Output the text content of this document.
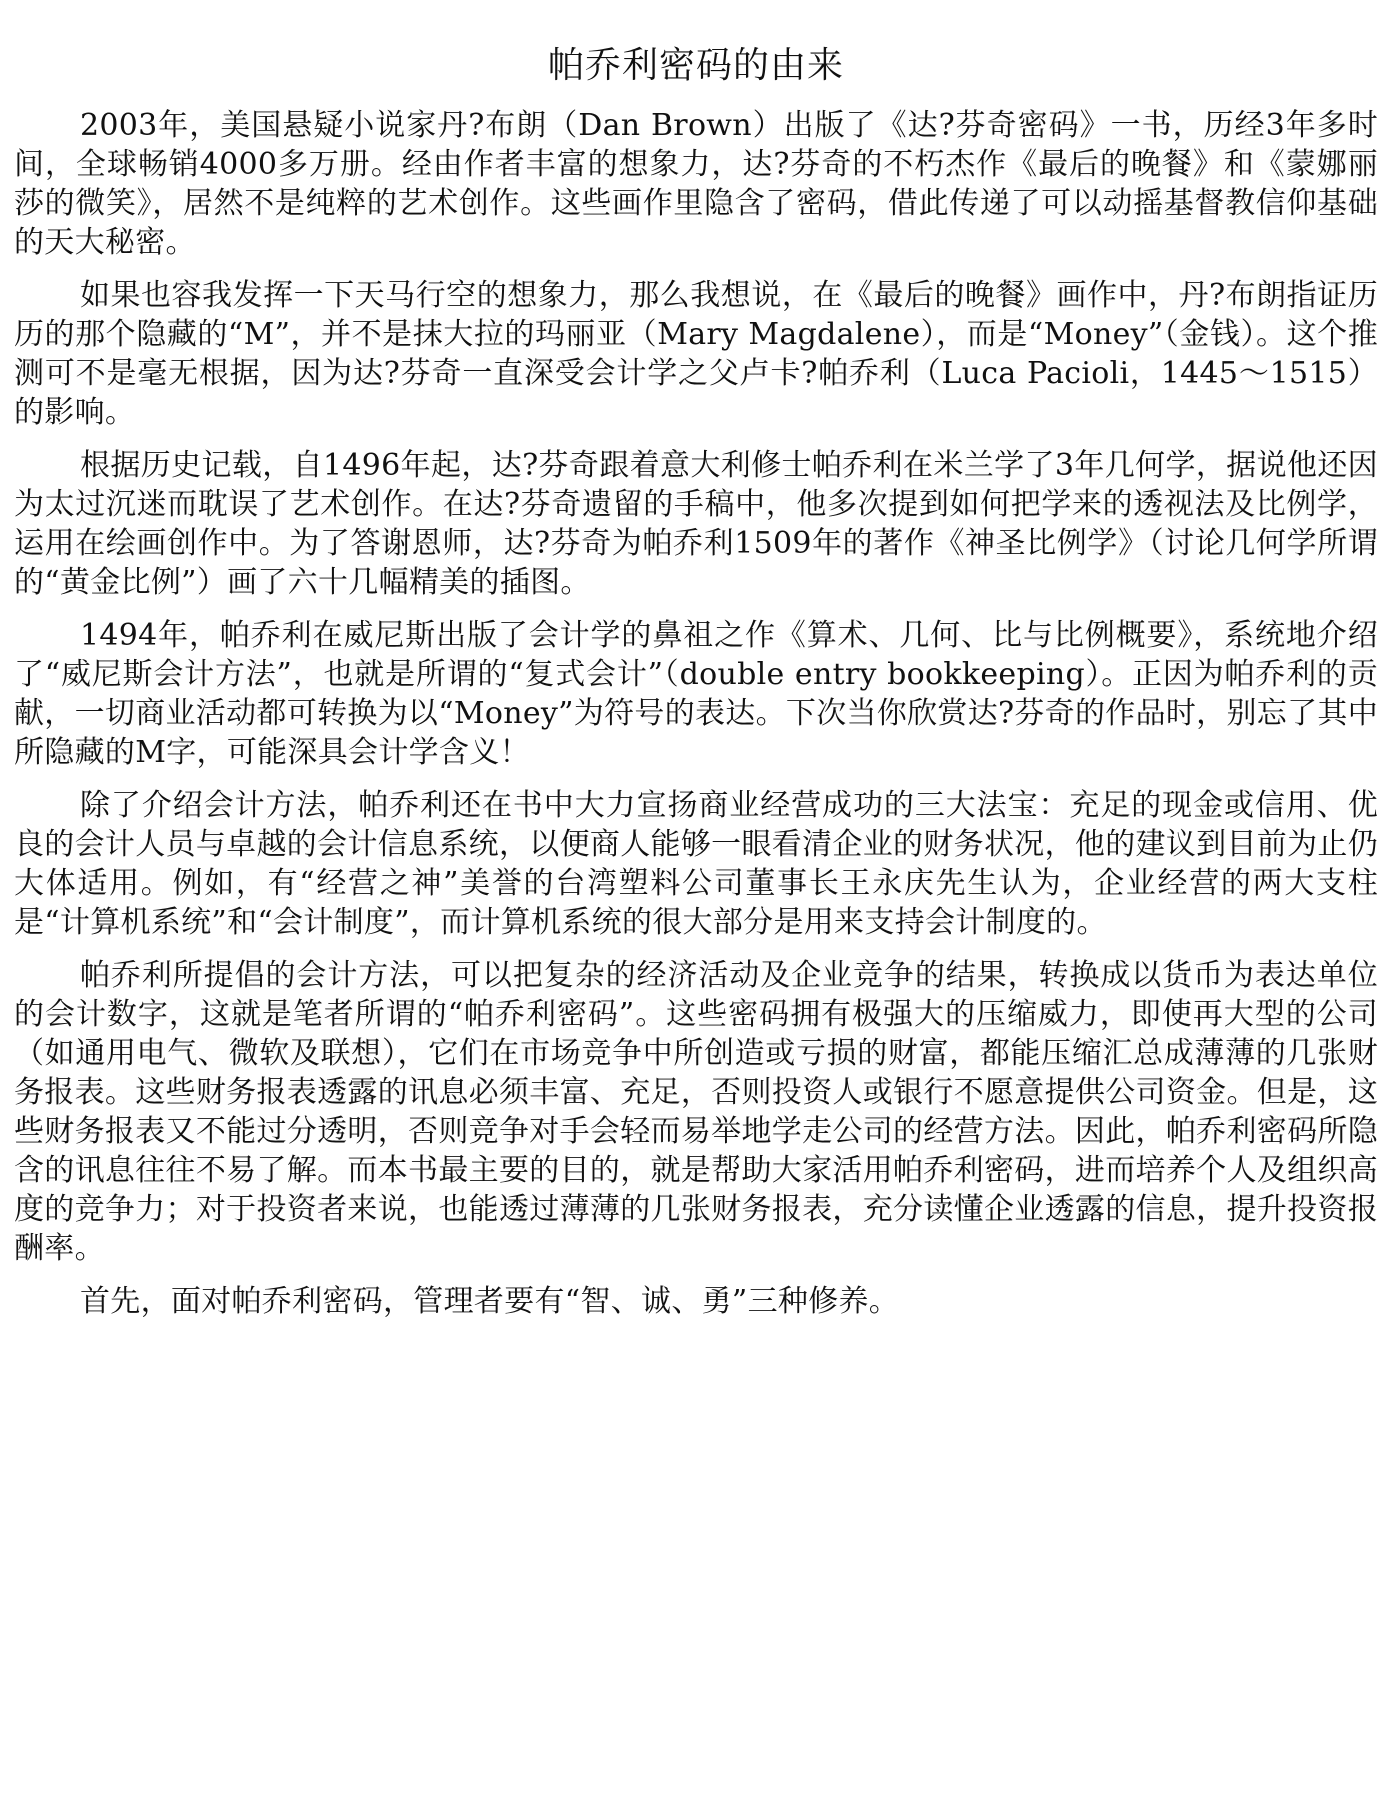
帕乔利密码的由来

2003年，美国悬疑小说家丹?布朗（Dan Brown）出版了《达?芬奇密码》一书，历经3年多时间，全球畅销4000多万册。经由作者丰富的想象力，达?芬奇的不朽杰作《最后的晚餐》和《蒙娜丽莎的微笑》，居然不是纯粹的艺术创作。这些画作里隐含了密码，借此传递了可以动摇基督教信仰基础的天大秘密。

如果也容我发挥一下天马行空的想象力，那么我想说，在《最后的晚餐》画作中，丹?布朗指证历历的那个隐藏的“M”，并不是抹大拉的玛丽亚（Mary Magdalene），而是“Money”（金钱）。这个推测可不是毫无根据，因为达?芬奇一直深受会计学之父卢卡?帕乔利（Luca Pacioli，1445～1515）的影响。

根据历史记载，自1496年起，达?芬奇跟着意大利修士帕乔利在米兰学了3年几何学，据说他还因为太过沉迷而耽误了艺术创作。在达?芬奇遗留的手稿中，他多次提到如何把学来的透视法及比例学，运用在绘画创作中。为了答谢恩师，达?芬奇为帕乔利1509年的著作《神圣比例学》（讨论几何学所谓的“黄金比例”）画了六十几幅精美的插图。

1494年，帕乔利在威尼斯出版了会计学的鼻祖之作《算术、几何、比与比例概要》，系统地介绍了“威尼斯会计方法”，也就是所谓的“复式会计”（double entry bookkeeping）。正因为帕乔利的贡献，一切商业活动都可转换为以“Money”为符号的表达。下次当你欣赏达?芬奇的作品时，别忘了其中所隐藏的M字，可能深具会计学含义！

除了介绍会计方法，帕乔利还在书中大力宣扬商业经营成功的三大法宝：充足的现金或信用、优良的会计人员与卓越的会计信息系统，以便商人能够一眼看清企业的财务状况，他的建议到目前为止仍大体适用。例如，有“经营之神”美誉的台湾塑料公司董事长王永庆先生认为，企业经营的两大支柱是“计算机系统”和“会计制度”，而计算机系统的很大部分是用来支持会计制度的。

帕乔利所提倡的会计方法，可以把复杂的经济活动及企业竞争的结果，转换成以货币为表达单位的会计数字，这就是笔者所谓的“帕乔利密码”。这些密码拥有极强大的压缩威力，即使再大型的公司（如通用电气、微软及联想），它们在市场竞争中所创造或亏损的财富，都能压缩汇总成薄薄的几张财务报表。这些财务报表透露的讯息必须丰富、充足，否则投资人或银行不愿意提供公司资金。但是，这些财务报表又不能过分透明，否则竞争对手会轻而易举地学走公司的经营方法。因此，帕乔利密码所隐含的讯息往往不易了解。而本书最主要的目的，就是帮助大家活用帕乔利密码，进而培养个人及组织高度的竞争力；对于投资者来说，也能透过薄薄的几张财务报表，充分读懂企业透露的信息，提升投资报酬率。

首先，面对帕乔利密码，管理者要有“智、诚、勇”三种修养。
